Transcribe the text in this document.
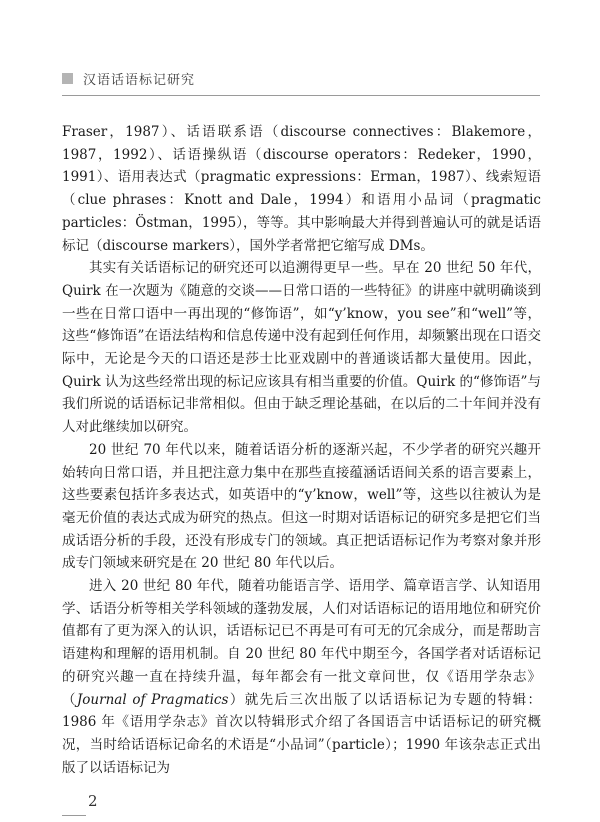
汉语话语标记研究

Fraser，1987）、话语联系语（discourse connectives：Blakemore，1987，1992）、话语操纵语（discourse operators：Redeker，1990，1991）、语用表达式（pragmatic expressions：Erman，1987）、线索短语（clue phrases：Knott and Dale，1994）和语用小品词（pragmatic particles：Östman，1995），等等。其中影响最大并得到普遍认可的就是话语标记（discourse markers），国外学者常把它缩写成 DMs。

其实有关话语标记的研究还可以追溯得更早一些。早在 20 世纪 50 年代，Quirk 在一次题为《随意的交谈——日常口语的一些特征》的讲座中就明确谈到一些在日常口语中一再出现的“修饰语”，如“y’know，you see”和“well”等，这些“修饰语”在语法结构和信息传递中没有起到任何作用，却频繁出现在口语交际中，无论是今天的口语还是莎士比亚戏剧中的普通谈话都大量使用。因此，Quirk 认为这些经常出现的标记应该具有相当重要的价值。Quirk 的“修饰语”与我们所说的话语标记非常相似。但由于缺乏理论基础，在以后的二十年间并没有人对此继续加以研究。

20 世纪 70 年代以来，随着话语分析的逐渐兴起，不少学者的研究兴趣开始转向日常口语，并且把注意力集中在那些直接蕴涵话语间关系的语言要素上，这些要素包括许多表达式，如英语中的“y’know，well”等，这些以往被认为是毫无价值的表达式成为研究的热点。但这一时期对话语标记的研究多是把它们当成话语分析的手段，还没有形成专门的领域。真正把话语标记作为考察对象并形成专门领域来研究是在 20 世纪 80 年代以后。

进入 20 世纪 80 年代，随着功能语言学、语用学、篇章语言学、认知语用学、话语分析等相关学科领域的蓬勃发展，人们对话语标记的语用地位和研究价值都有了更为深入的认识，话语标记已不再是可有可无的冗余成分，而是帮助言语建构和理解的语用机制。自 20 世纪 80 年代中期至今，各国学者对话语标记的研究兴趣一直在持续升温，每年都会有一批文章问世，仅《语用学杂志》（Journal of Pragmatics）就先后三次出版了以话语标记为专题的特辑：1986 年《语用学杂志》首次以特辑形式介绍了各国语言中话语标记的研究概况，当时给话语标记命名的术语是“小品词”（particle）；1990 年该杂志正式出版了以话语标记为

2
